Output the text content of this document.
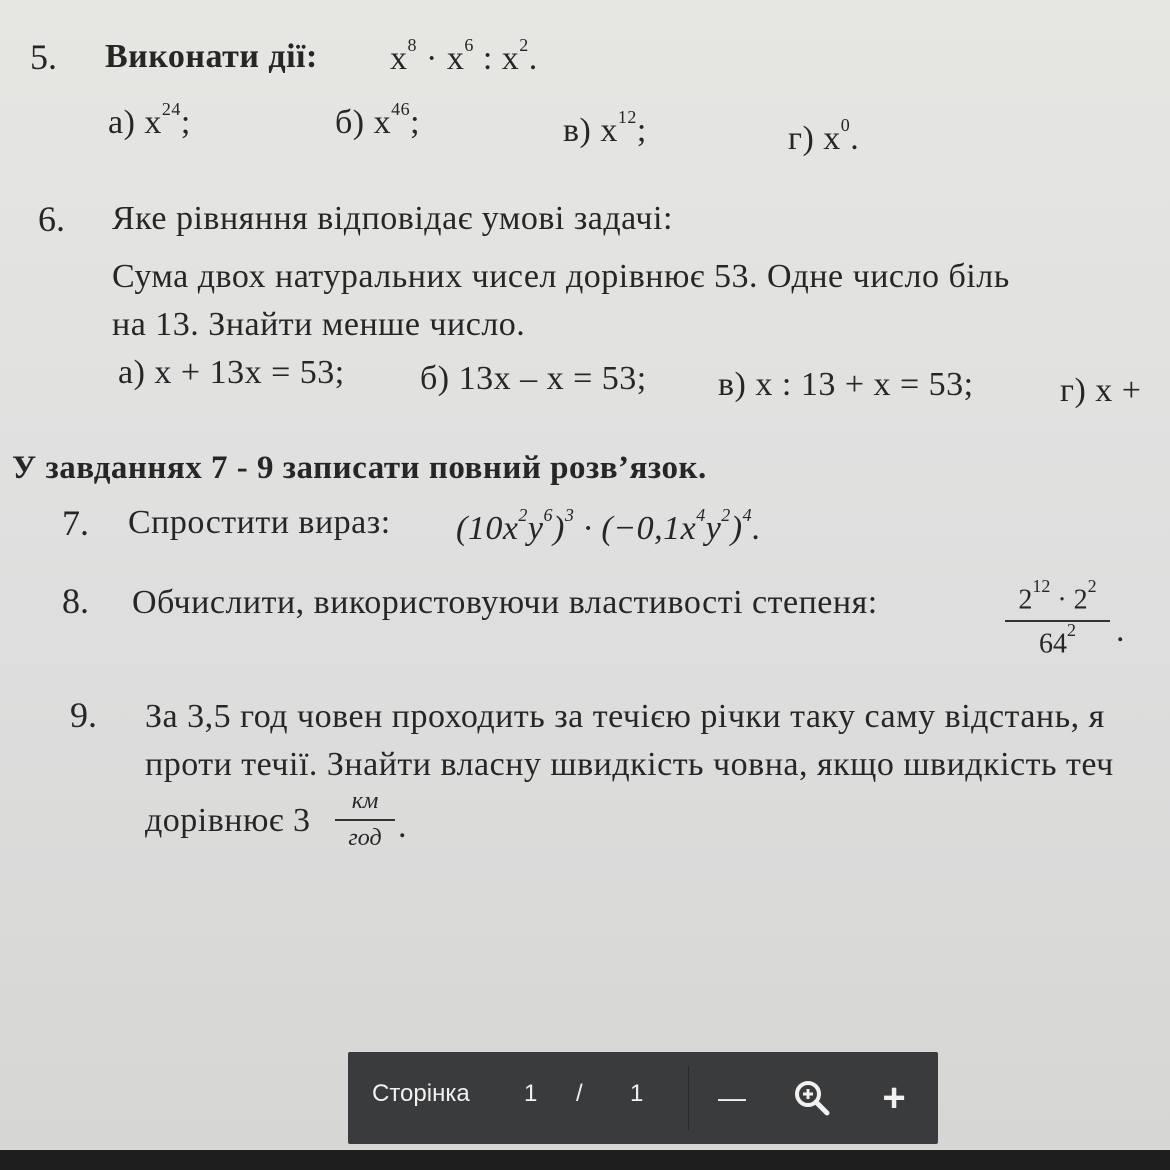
5. Виконати дії: $x^8 \cdot x^6$ : $x^2$.
а) $x^{24}$;	б) $x^{46}$;	в) $x^{12}$;	г) $x^0$.
6. Яке рівняння відповідає умові задачі:
Сума двох натуральних чисел дорівнює 53. Одне число біль
на 13. Знайти менше число.
а) x + 13x = 53; б) 13x – x = 53; в) x : 13 + x = 53;	г) x +
У завданнях 7 - 9 записати повний розв’язок.
7. Спростити вираз: $(10x^2y^6)^3 \cdot (-0,1x^4y^2)^4$.
8. Обчислити, використовуючи властивості степеня:	$2^{12} \cdot 2^2$
$64^2$	.
9. За 3,5 год човен проходить за течією річки таку саму відстань, я
проти течії. Знайти власну швидкість човна, якщо швидкість теч
дорівнює 3
км
год .
Сторінка 1 / 1	—	+
